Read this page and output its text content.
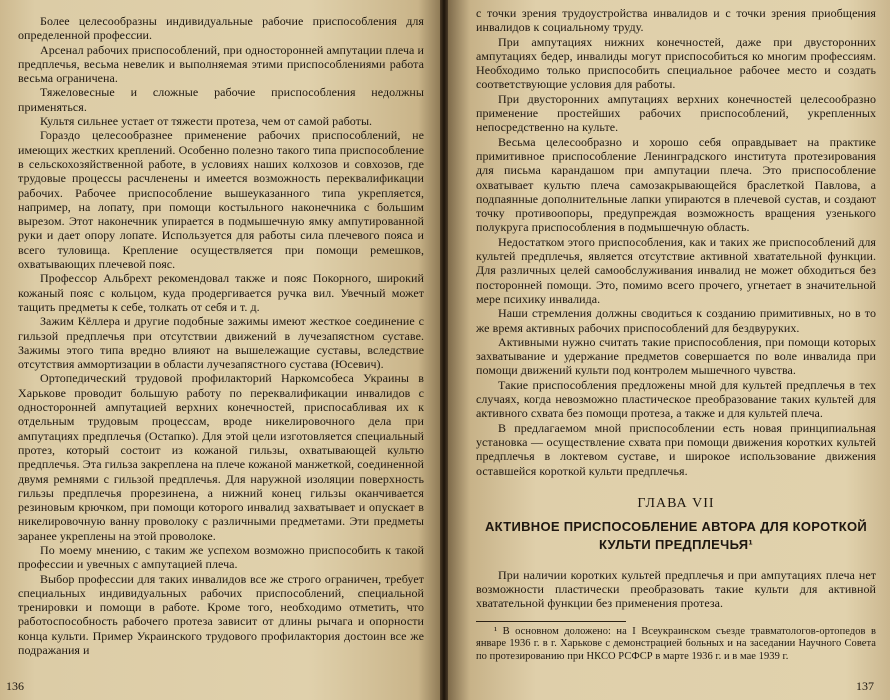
Более целесообразны индивидуальные рабочие приспособления для определенной профессии.

Арсенал рабочих приспособлений, при односторонней ампутации плеча и предплечья, весьма невелик и выполняемая этими приспособлениями работа весьма ограничена.

Тяжеловесные и сложные рабочие приспособления недолжны применяться.

Культя сильнее устает от тяжести протеза, чем от самой работы.

Гораздо целесообразнее применение рабочих приспособлений, не имеющих жестких креплений. Особенно полезно такого типа приспособление в сельскохозяйственной работе, в условиях наших колхозов и совхозов, где трудовые процессы расчленены и имеется возможность переквалификации рабочих. Рабочее приспособление вышеуказанного типа укрепляется, например, на лопату, при помощи костыльного наконечника с большим вырезом. Этот наконечник упирается в подмышечную ямку ампутированной руки и дает опору лопате. Используется для работы сила плечевого пояса и всего туловища. Крепление осуществляется при помощи ремешков, охватывающих плечевой пояс.

Профессор Альбрехт рекомендовал также и пояс Покорного, широкий кожаный пояс с кольцом, куда продергивается ручка вил. Увечный может тащить предметы к себе, толкать от себя и т. д.

Зажим Кёллера и другие подобные зажимы имеют жесткое соединение с гильзой предплечья при отсутствии движений в лучезапястном суставе. Зажимы этого типа вредно влияют на вышележащие суставы, вследствие отсутствия аммортизации в области лучезапястного сустава (Юсевич).

Ортопедический трудовой профилакторий Наркомсобеса Украины в Харькове проводит большую работу по переквалификации инвалидов с односторонней ампутацией верхних конечностей, приспосабливая их к отдельным трудовым процессам, вроде никелировочного дела при ампутациях предплечья (Остапко). Для этой цели изготовляется специальный протез, который состоит из кожаной гильзы, охватывающей культю предплечья. Эта гильза закреплена на плече кожаной манжеткой, соединенной двумя ремнями с гильзой предплечья. Для наружной изоляции поверхность гильзы предплечья прорезинена, а нижний конец гильзы оканчивается резиновым крючком, при помощи которого инвалид захватывает и опускает в никелировочную ванну проволоку с различными предметами. Эти предметы заранее укреплены на этой проволоке.

По моему мнению, с таким же успехом возможно приспособить к такой профессии и увечных с ампутацией плеча.

Выбор профессии для таких инвалидов все же строго ограничен, требует специальных индивидуальных рабочих приспособлений, специальной тренировки и помощи в работе. Кроме того, необходимо отметить, что работоспособность рабочего протеза зависит от длины рычага и опорности конца культи. Пример Украинского трудового профилактория достоин все же подражания и

136

с точки зрения трудоустройства инвалидов и с точки зрения приобщения инвалидов к социальному труду.

При ампутациях нижних конечностей, даже при двусторонних ампутациях бедер, инвалиды могут приспособиться ко многим профессиям. Необходимо только приспособить специальное рабочее место и создать соответствующие условия для работы.

При двусторонних ампутациях верхних конечностей целесообразно применение простейших рабочих приспособлений, укрепленных непосредственно на культе.

Весьма целесообразно и хорошо себя оправдывает на практике примитивное приспособление Ленинградского института протезирования для письма карандашом при ампутации плеча. Это приспособление охватывает культю плеча самозакрывающейся браслеткой Павлова, а подпаянные дополнительные лапки упираются в плечевой сустав, и создают точку противоопоры, предупреждая возможность вращения узенького полукруга приспособления в подмышечную область.

Недостатком этого приспособления, как и таких же приспособлений для культей предплечья, является отсутствие активной хватательной функции. Для различных целей самообслуживания инвалид не может обходиться без посторонней помощи. Это, помимо всего прочего, угнетает в значительной мере психику инвалида.

Наши стремления должны сводиться к созданию примитивных, но в то же время активных рабочих приспособлений для бездвуруких.

Активными нужно считать такие приспособления, при помощи которых захватывание и удержание предметов совершается по воле инвалида при помощи движений культи под контролем мышечного чувства.

Такие приспособления предложены мной для культей предплечья в тех случаях, когда невозможно пластическое преобразование таких культей для активного схвата без помощи протеза, а также и для культей плеча.

В предлагаемом мной приспособлении есть новая принципиальная установка — осуществление схвата при помощи движения коротких культей предплечья в локтевом суставе, и широкое использование движения оставшейся короткой культи предплечья.

ГЛАВА VII
АКТИВНОЕ ПРИСПОСОБЛЕНИЕ АВТОРА ДЛЯ КОРОТКОЙ КУЛЬТИ ПРЕДПЛЕЧЬЯ¹

При наличии коротких культей предплечья и при ампутациях плеча нет возможности пластически преобразовать такие культи для активной хватательной функции без применения протеза.

¹ В основном доложено: на I Всеукраинском съезде травматологов-ортопедов в январе 1936 г. в г. Харькове с демонстрацией больных и на заседании Научного Совета по протезированию при НКСО РСФСР в марте 1936 г. и в мае 1939 г.

137
